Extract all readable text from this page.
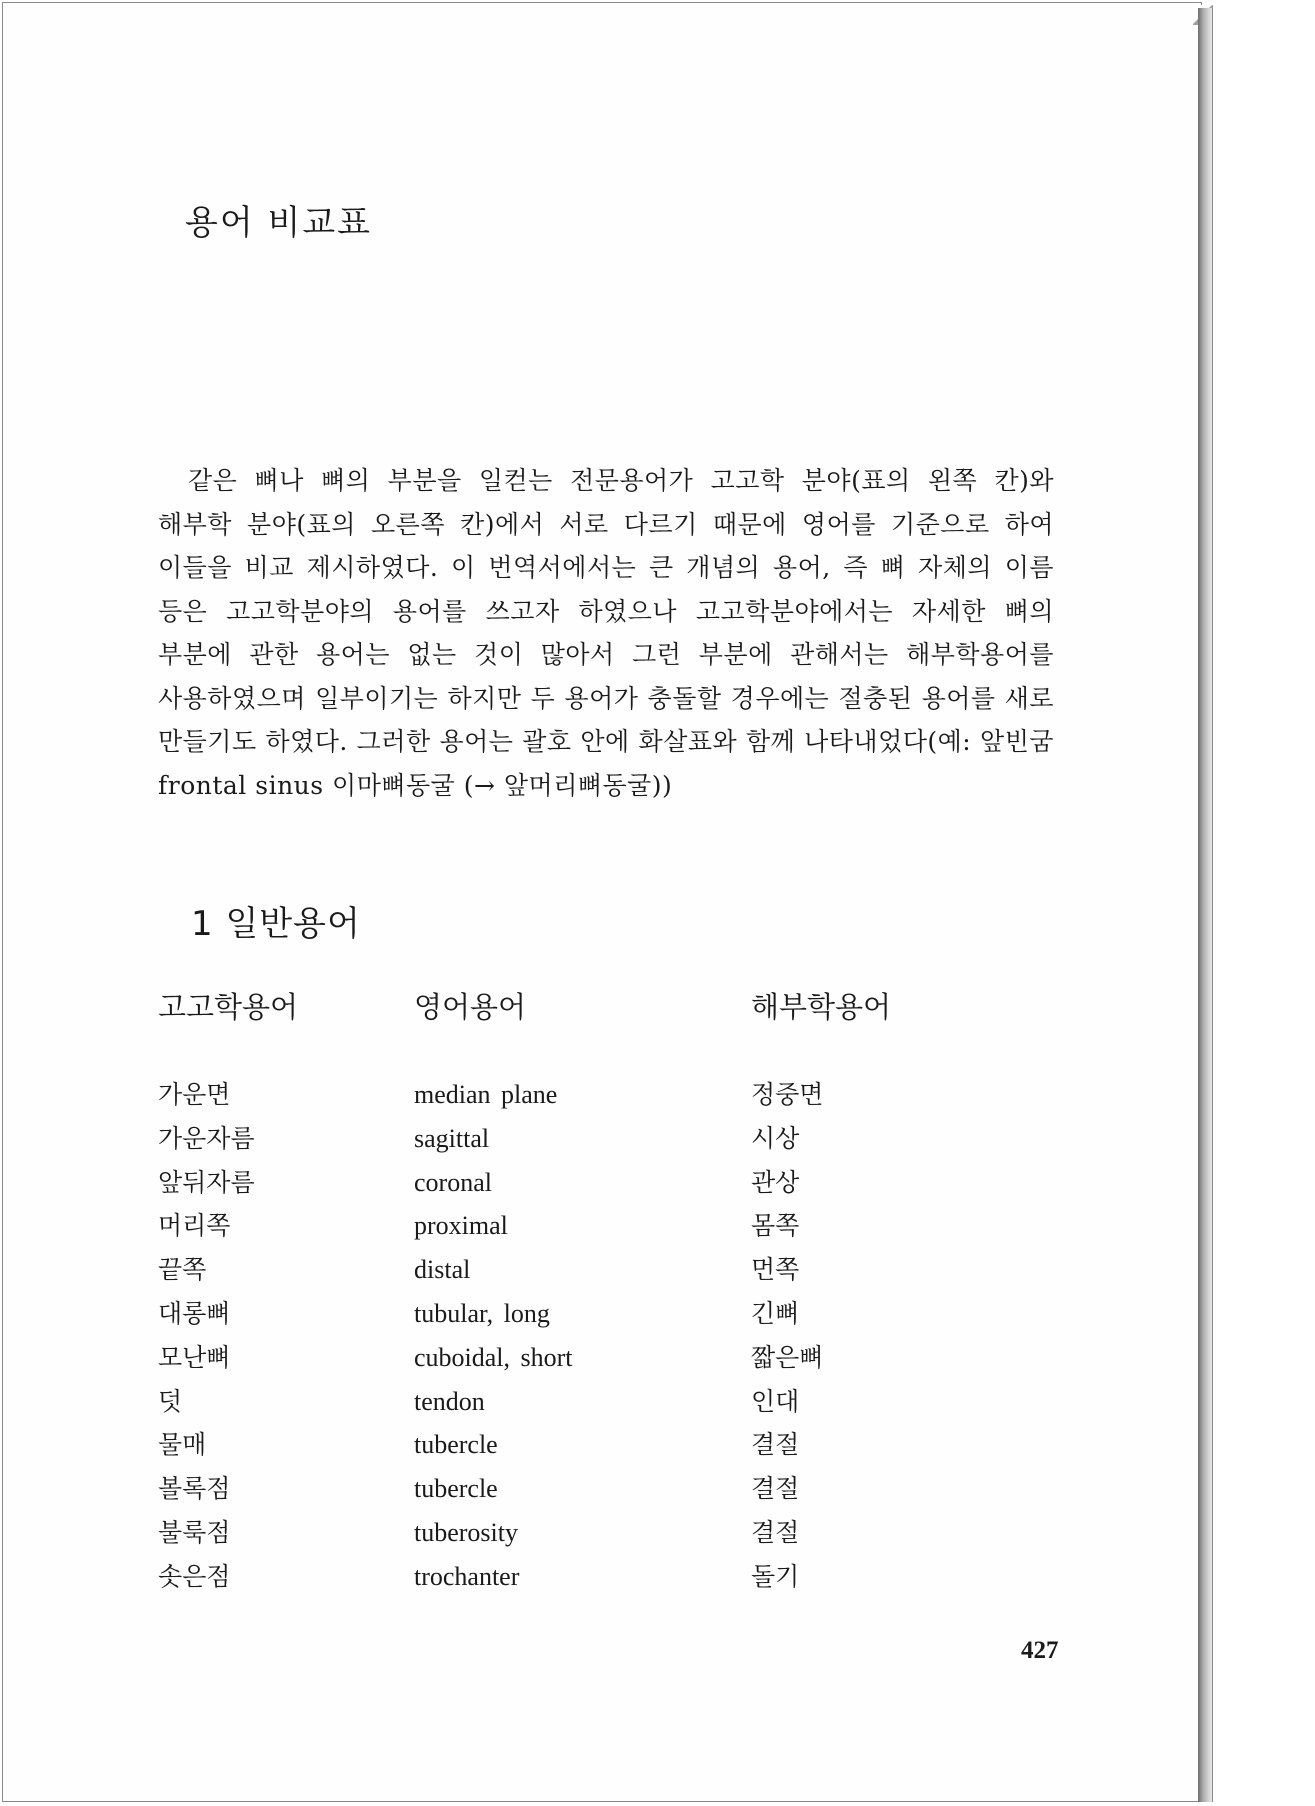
용어 비교표

같은 뼈나 뼈의 부분을 일컫는 전문용어가 고고학 분야(표의 왼쪽 칸)와 해부학 분야(표의 오른쪽 칸)에서 서로 다르기 때문에 영어를 기준으로 하여 이들을 비교 제시하였다. 이 번역서에서는 큰 개념의 용어, 즉 뼈 자체의 이름 등은 고고학분야의 용어를 쓰고자 하였으나 고고학분야에서는 자세한 뼈의 부분에 관한 용어는 없는 것이 많아서 그런 부분에 관해서는 해부학용어를 사용하였으며 일부이기는 하지만 두 용어가 충돌할 경우에는 절충된 용어를 새로 만들기도 하였다. 그러한 용어는 괄호 안에 화살표와 함께 나타내었다(예: 앞빈굼 frontal sinus 이마뼈동굴 (→ 앞머리뼈동굴))

1 일반용어
고고학용어	영어용어	해부학용어
가운면	median plane	정중면
가운자름	sagittal	시상
앞뒤자름	coronal	관상
머리쪽	proximal	몸쪽
끝쪽	distal	먼쪽
대롱뼈	tubular, long	긴뼈
모난뼈	cuboidal, short	짧은뼈
덧	tendon	인대
물매	tubercle	결절
볼록점	tubercle	결절
불룩점	tuberosity	결절
솟은점	trochanter	돌기
427
